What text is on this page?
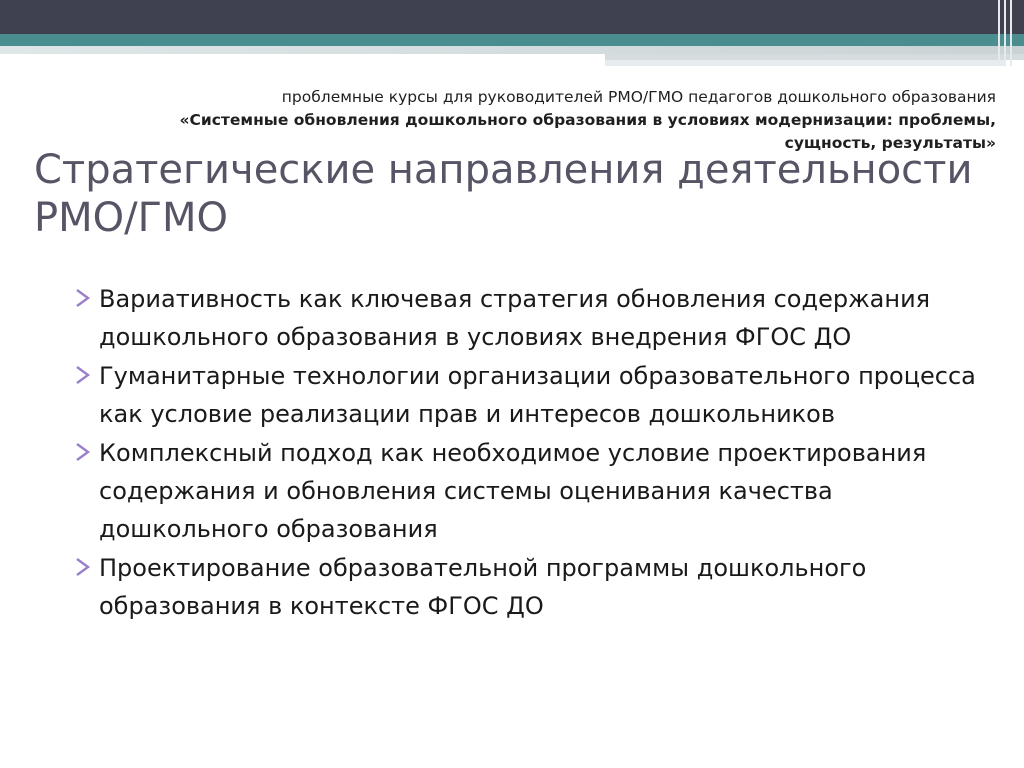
проблемные курсы для руководителей РМО/ГМО педагогов дошкольного образования
«Системные обновления дошкольного образования в условиях модернизации: проблемы, сущность, результаты»
Стратегические направления деятельности РМО/ГМО
Вариативность как ключевая стратегия обновления содержания дошкольного образования в условиях внедрения ФГОС ДО
Гуманитарные технологии организации образовательного процесса как условие реализации прав и интересов дошкольников
Комплексный подход как необходимое условие проектирования содержания и обновления системы оценивания качества дошкольного образования
Проектирование образовательной программы дошкольного образования в контексте ФГОС ДО
